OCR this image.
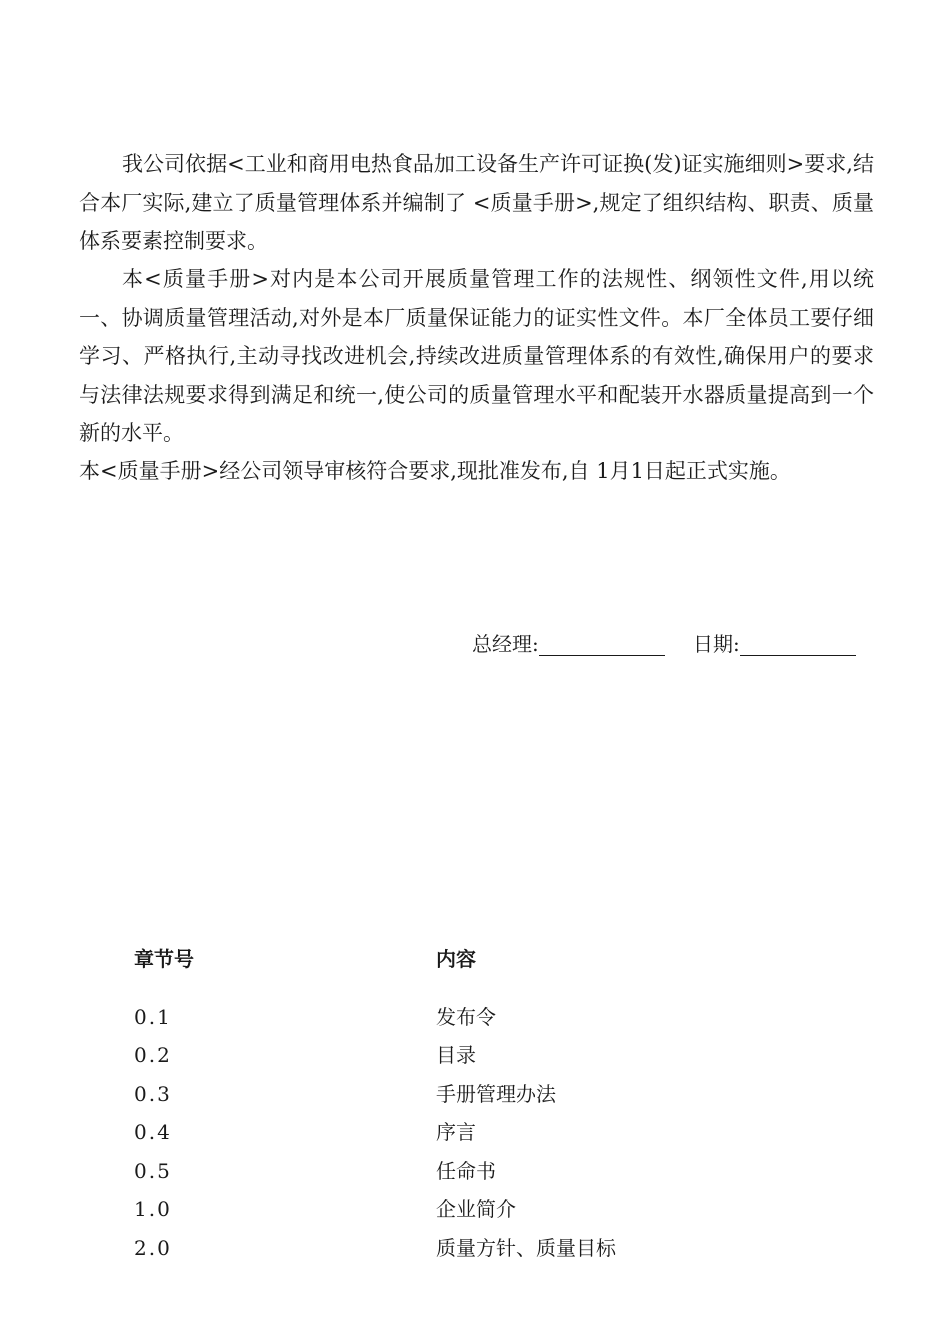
我公司依据<工业和商用电热食品加工设备生产许可证换(发)证实施细则>要求,结合本厂实际,建立了质量管理体系并编制了 <质量手册>,规定了组织结构、职责、质量体系要素控制要求。

本<质量手册>对内是本公司开展质量管理工作的法规性、纲领性文件,用以统一、协调质量管理活动,对外是本厂质量保证能力的证实性文件。本厂全体员工要仔细学习、严格执行,主动寻找改进机会,持续改进质量管理体系的有效性,确保用户的要求与法律法规要求得到满足和统一,使公司的质量管理水平和配装开水器质量提高到一个新的水平。

本<质量手册>经公司领导审核符合要求,现批准发布,自 1月1日起正式实施。

总经理:	日期:
章节号	内容
0.1	发布令
0.2	目录
0.3	手册管理办法
0.4	序言
0.5	任命书
1.0	企业简介
2.0	质量方针、质量目标
